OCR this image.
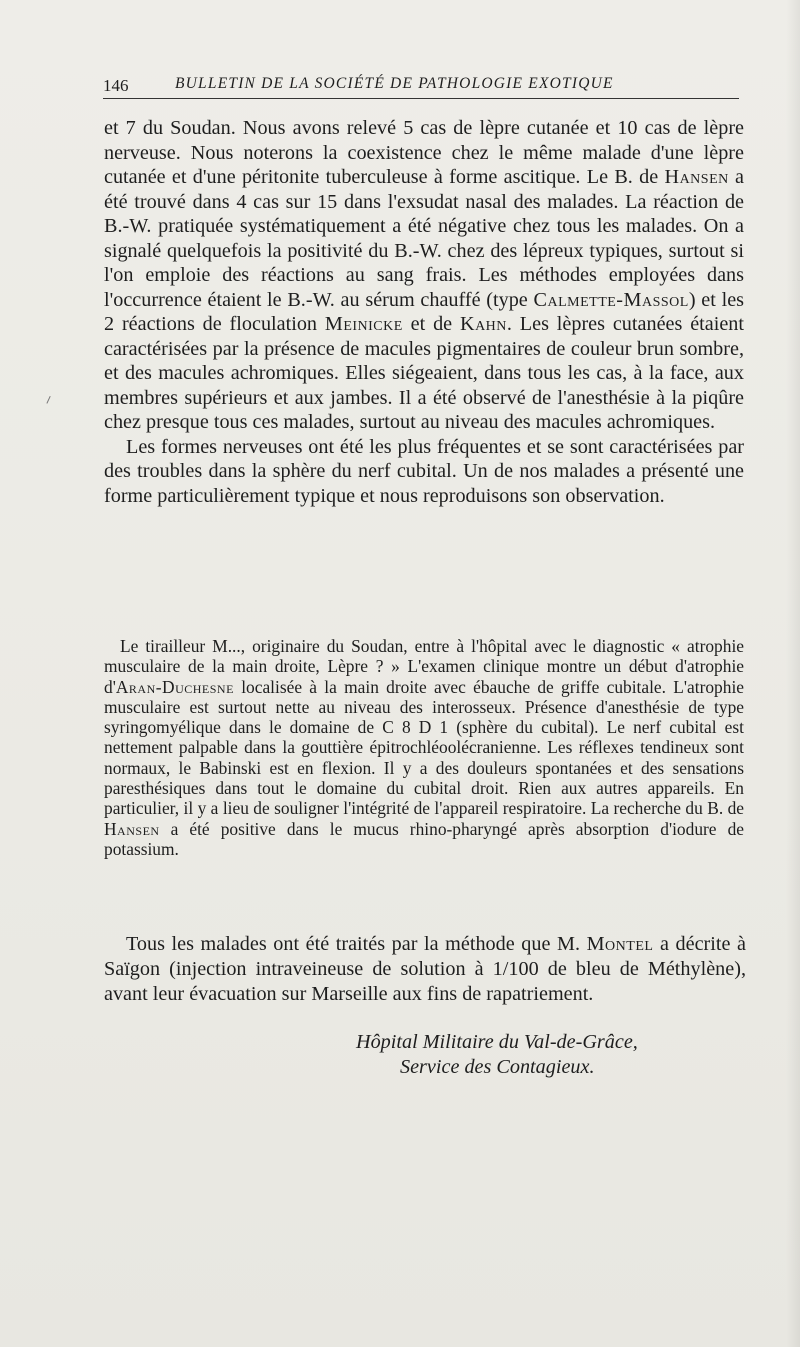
146	BULLETIN DE LA SOCIÉTÉ DE PATHOLOGIE EXOTIQUE

et 7 du Soudan. Nous avons relevé 5 cas de lèpre cutanée et 10 cas de lèpre nerveuse. Nous noterons la coexistence chez le même malade d'une lèpre cutanée et d'une péritonite tuberculeuse à forme ascitique. Le B. de Hansen a été trouvé dans 4 cas sur 15 dans l'exsudat nasal des malades. La réaction de B.-W. pratiquée systématiquement a été négative chez tous les malades. On a signalé quelquefois la positivité du B.-W. chez des lépreux typiques, surtout si l'on emploie des réactions au sang frais. Les méthodes employées dans l'occurrence étaient le B.-W. au sérum chauffé (type Calmette-Massol) et les 2 réactions de floculation Meinicke et de Kahn. Les lèpres cutanées étaient caractérisées par la présence de macules pigmentaires de couleur brun sombre, et des macules achromiques. Elles siégeaient, dans tous les cas, à la face, aux membres supérieurs et aux jambes. Il a été observé de l'anesthésie à la piqûre chez presque tous ces malades, surtout au niveau des macules achromiques.

Les formes nerveuses ont été les plus fréquentes et se sont caractérisées par des troubles dans la sphère du nerf cubital. Un de nos malades a présenté une forme particulièrement typique et nous reproduisons son observation.

Le tirailleur M..., originaire du Soudan, entre à l'hôpital avec le diagnostic « atrophie musculaire de la main droite, Lèpre ? » L'examen clinique montre un début d'atrophie d'Aran-Duchesne localisée à la main droite avec ébauche de griffe cubitale. L'atrophie musculaire est surtout nette au niveau des interosseux. Présence d'anesthésie de type syringomyélique dans le domaine de C 8 D 1 (sphère du cubital). Le nerf cubital est nettement palpable dans la gouttière épitrochléoolécranienne. Les réflexes tendineux sont normaux, le Babinski est en flexion. Il y a des douleurs spontanées et des sensations paresthésiques dans tout le domaine du cubital droit. Rien aux autres appareils. En particulier, il y a lieu de souligner l'intégrité de l'appareil respiratoire. La recherche du B. de Hansen a été positive dans le mucus rhino-pharyngé après absorption d'iodure de potassium.

Tous les malades ont été traités par la méthode que M. Montel a décrite à Saïgon (injection intraveineuse de solution à 1/100 de bleu de Méthylène), avant leur évacuation sur Marseille aux fins de rapatriement.

Hôpital Militaire du Val-de-Grâce,
Service des Contagieux.
